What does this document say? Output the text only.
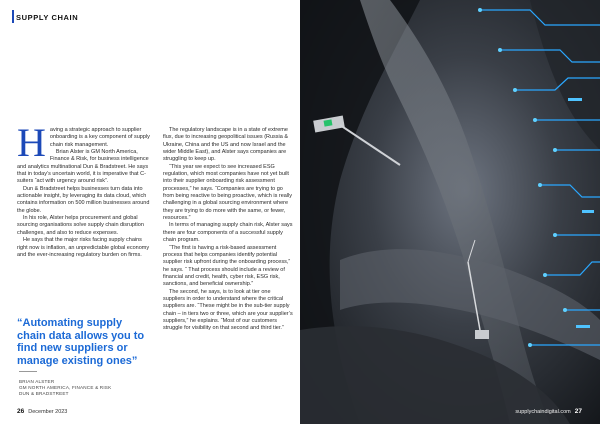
SUPPLY CHAIN

Having a strategic approach to supplier onboarding is a key component of supply chain risk management.

Brian Alster is GM North America, Finance & Risk, for business intelligence and analytics multinational Dun & Bradstreet. He says that in today’s uncertain world, it is imperative that C-suiters “act with urgency around risk”.

Dun & Bradstreet helps businesses turn data into actionable insight, by leveraging its data cloud, which contains information on 500 million businesses around the globe.

In his role, Alster helps procurement and global sourcing organisations solve supply chain disruption challenges, and also to reduce expenses.

He says that the major risks facing supply chains right now is inflation, an unpredictable global economy and the ever-increasing regulatory burden on firms.

The regulatory landscape is in a state of extreme flux, due to increasing geopolitical issues (Russia & Ukraine, China and the US and now Israel and the wider Middle East), and Alster says companies are struggling to keep up.

“This year we expect to see increased ESG regulation, which most companies have not yet built into their supplier onboarding risk assessment processes,” he says. “Companies are trying to go from being reactive to being proactive, which is really challenging in a global sourcing environment where they are trying to do more with the same, or fewer, resources.”

In terms of managing supply chain risk, Alster says there are four components of a successful supply chain program.

“The first is having a risk-based assessment process that helps companies identify potential supplier risk upfront during the onboarding process,” he says. “ That process should include a review of financial and credit, health, cyber risk, ESG risk, sanctions, and beneficial ownership.”

The second, he says, is to look at tier one suppliers in order to understand where the critical suppliers are. “These might be in the sub-tier supply chain – in tiers two or three, which are your supplier’s suppliers,” he explains. “Most of our customers struggle for visibility on that second and third tier.”

“Automating supply chain data allows you to find new suppliers or manage existing ones”
BRIAN ALSTER
GM NORTH AMERICA, FINANCE & RISK
DUN & BRADSTREET
26 December 2023	supplychaindigital.com 27
